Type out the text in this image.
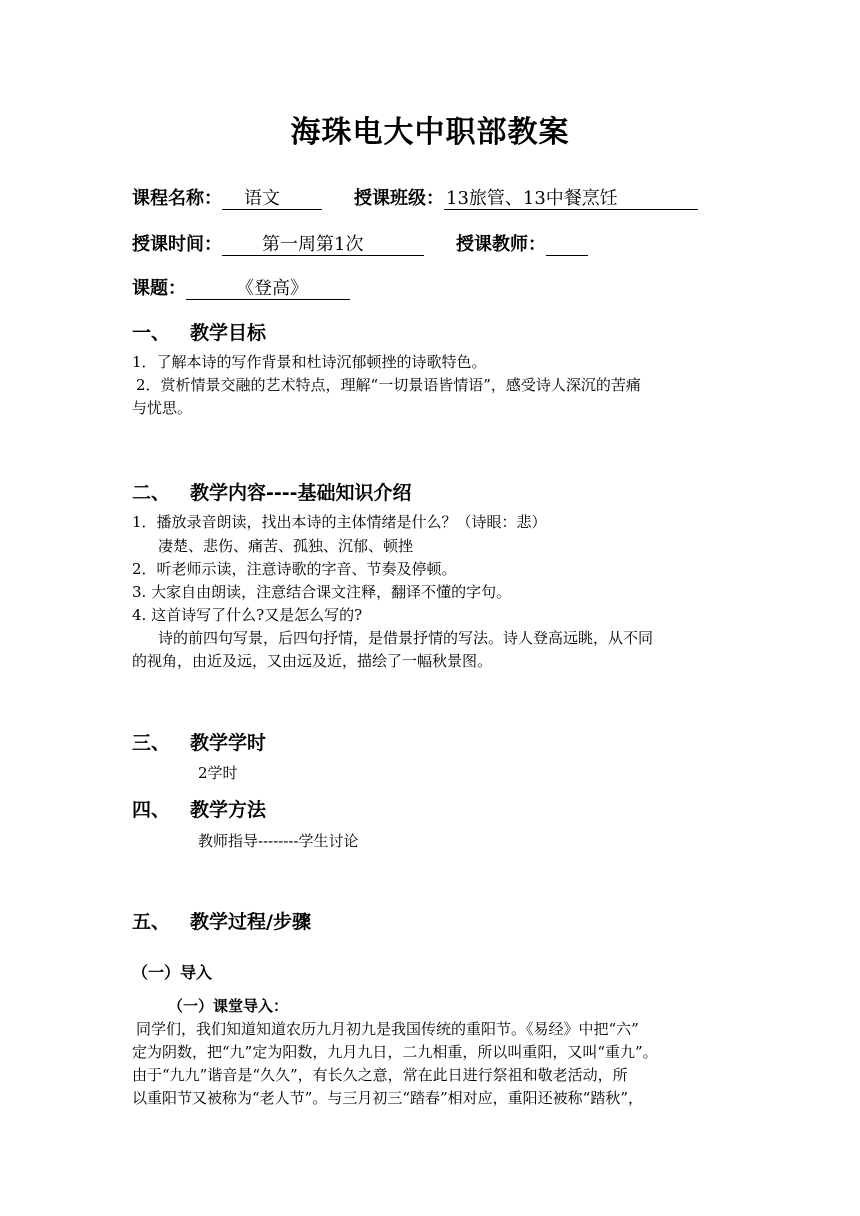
海珠电大中职部教案
课程名称： 语文	授课班级： 13旅管、13中餐烹饪
授课时间： 第一周第1次	授课教师：
课题：	《登高》
一、 教学目标
1．了解本诗的写作背景和杜诗沉郁顿挫的诗歌特色。
2．赏析情景交融的艺术特点，理解“一切景语皆情语”，感受诗人深沉的苦痛
与忧思。
二、 教学内容----基础知识介绍
1．播放录音朗读，找出本诗的主体情绪是什么？（诗眼：悲）
凄楚、悲伤、痛苦、孤独、沉郁、顿挫
2．听老师示读，注意诗歌的字音、节奏及停顿。
3. 大家自由朗读，注意结合课文注释，翻译不懂的字句。
4. 这首诗写了什么?又是怎么写的?
诗的前四句写景，后四句抒情，是借景抒情的写法。诗人登高远眺，从不同
的视角，由近及远，又由远及近，描绘了一幅秋景图。
三、 教学学时
2学时
四、 教学方法
教师指导--------学生讨论
五、 教学过程/步骤
（一）导入
（一）课堂导入：
同学们，我们知道知道农历九月初九是我国传统的重阳节。《易经》中把“六”
定为阴数，把“九”定为阳数，九月九日，二九相重，所以叫重阳，又叫“重九”。
由于“九九”谐音是“久久”，有长久之意，常在此日进行祭祖和敬老活动，所
以重阳节又被称为“老人节”。与三月初三“踏春”相对应，重阳还被称“踏秋”，
